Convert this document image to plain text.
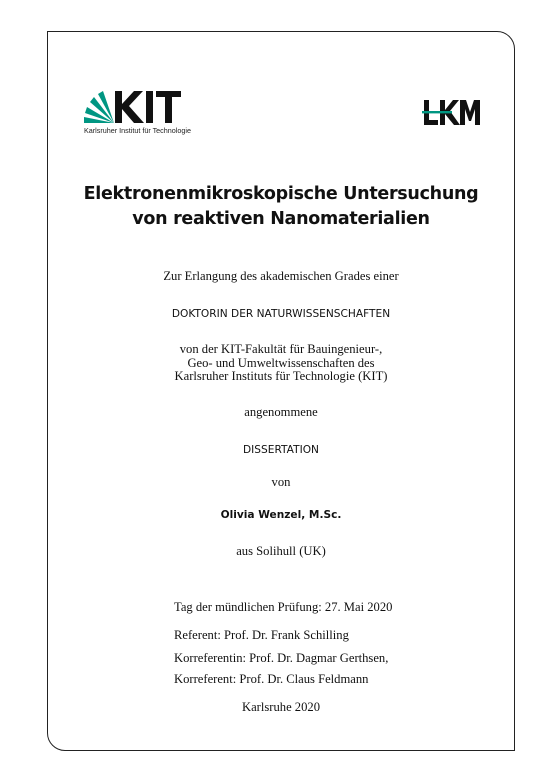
Karlsruher Institut für Technologie
Elektronenmikroskopische Untersuchung
von reaktiven Nanomaterialien
Zur Erlangung des akademischen Grades einer
DOKTORIN DER NATURWISSENSCHAFTEN
von der KIT-Fakultät für Bauingenieur-,
Geo- und Umweltwissenschaften des
Karlsruher Instituts für Technologie (KIT)
angenommene
DISSERTATION
von
Olivia Wenzel, M.Sc.
aus Solihull (UK)
Tag der mündlichen Prüfung: 27. Mai 2020
Referent: Prof. Dr. Frank Schilling
Korreferentin: Prof. Dr. Dagmar Gerthsen,
Korreferent: Prof. Dr. Claus Feldmann
Karlsruhe 2020
